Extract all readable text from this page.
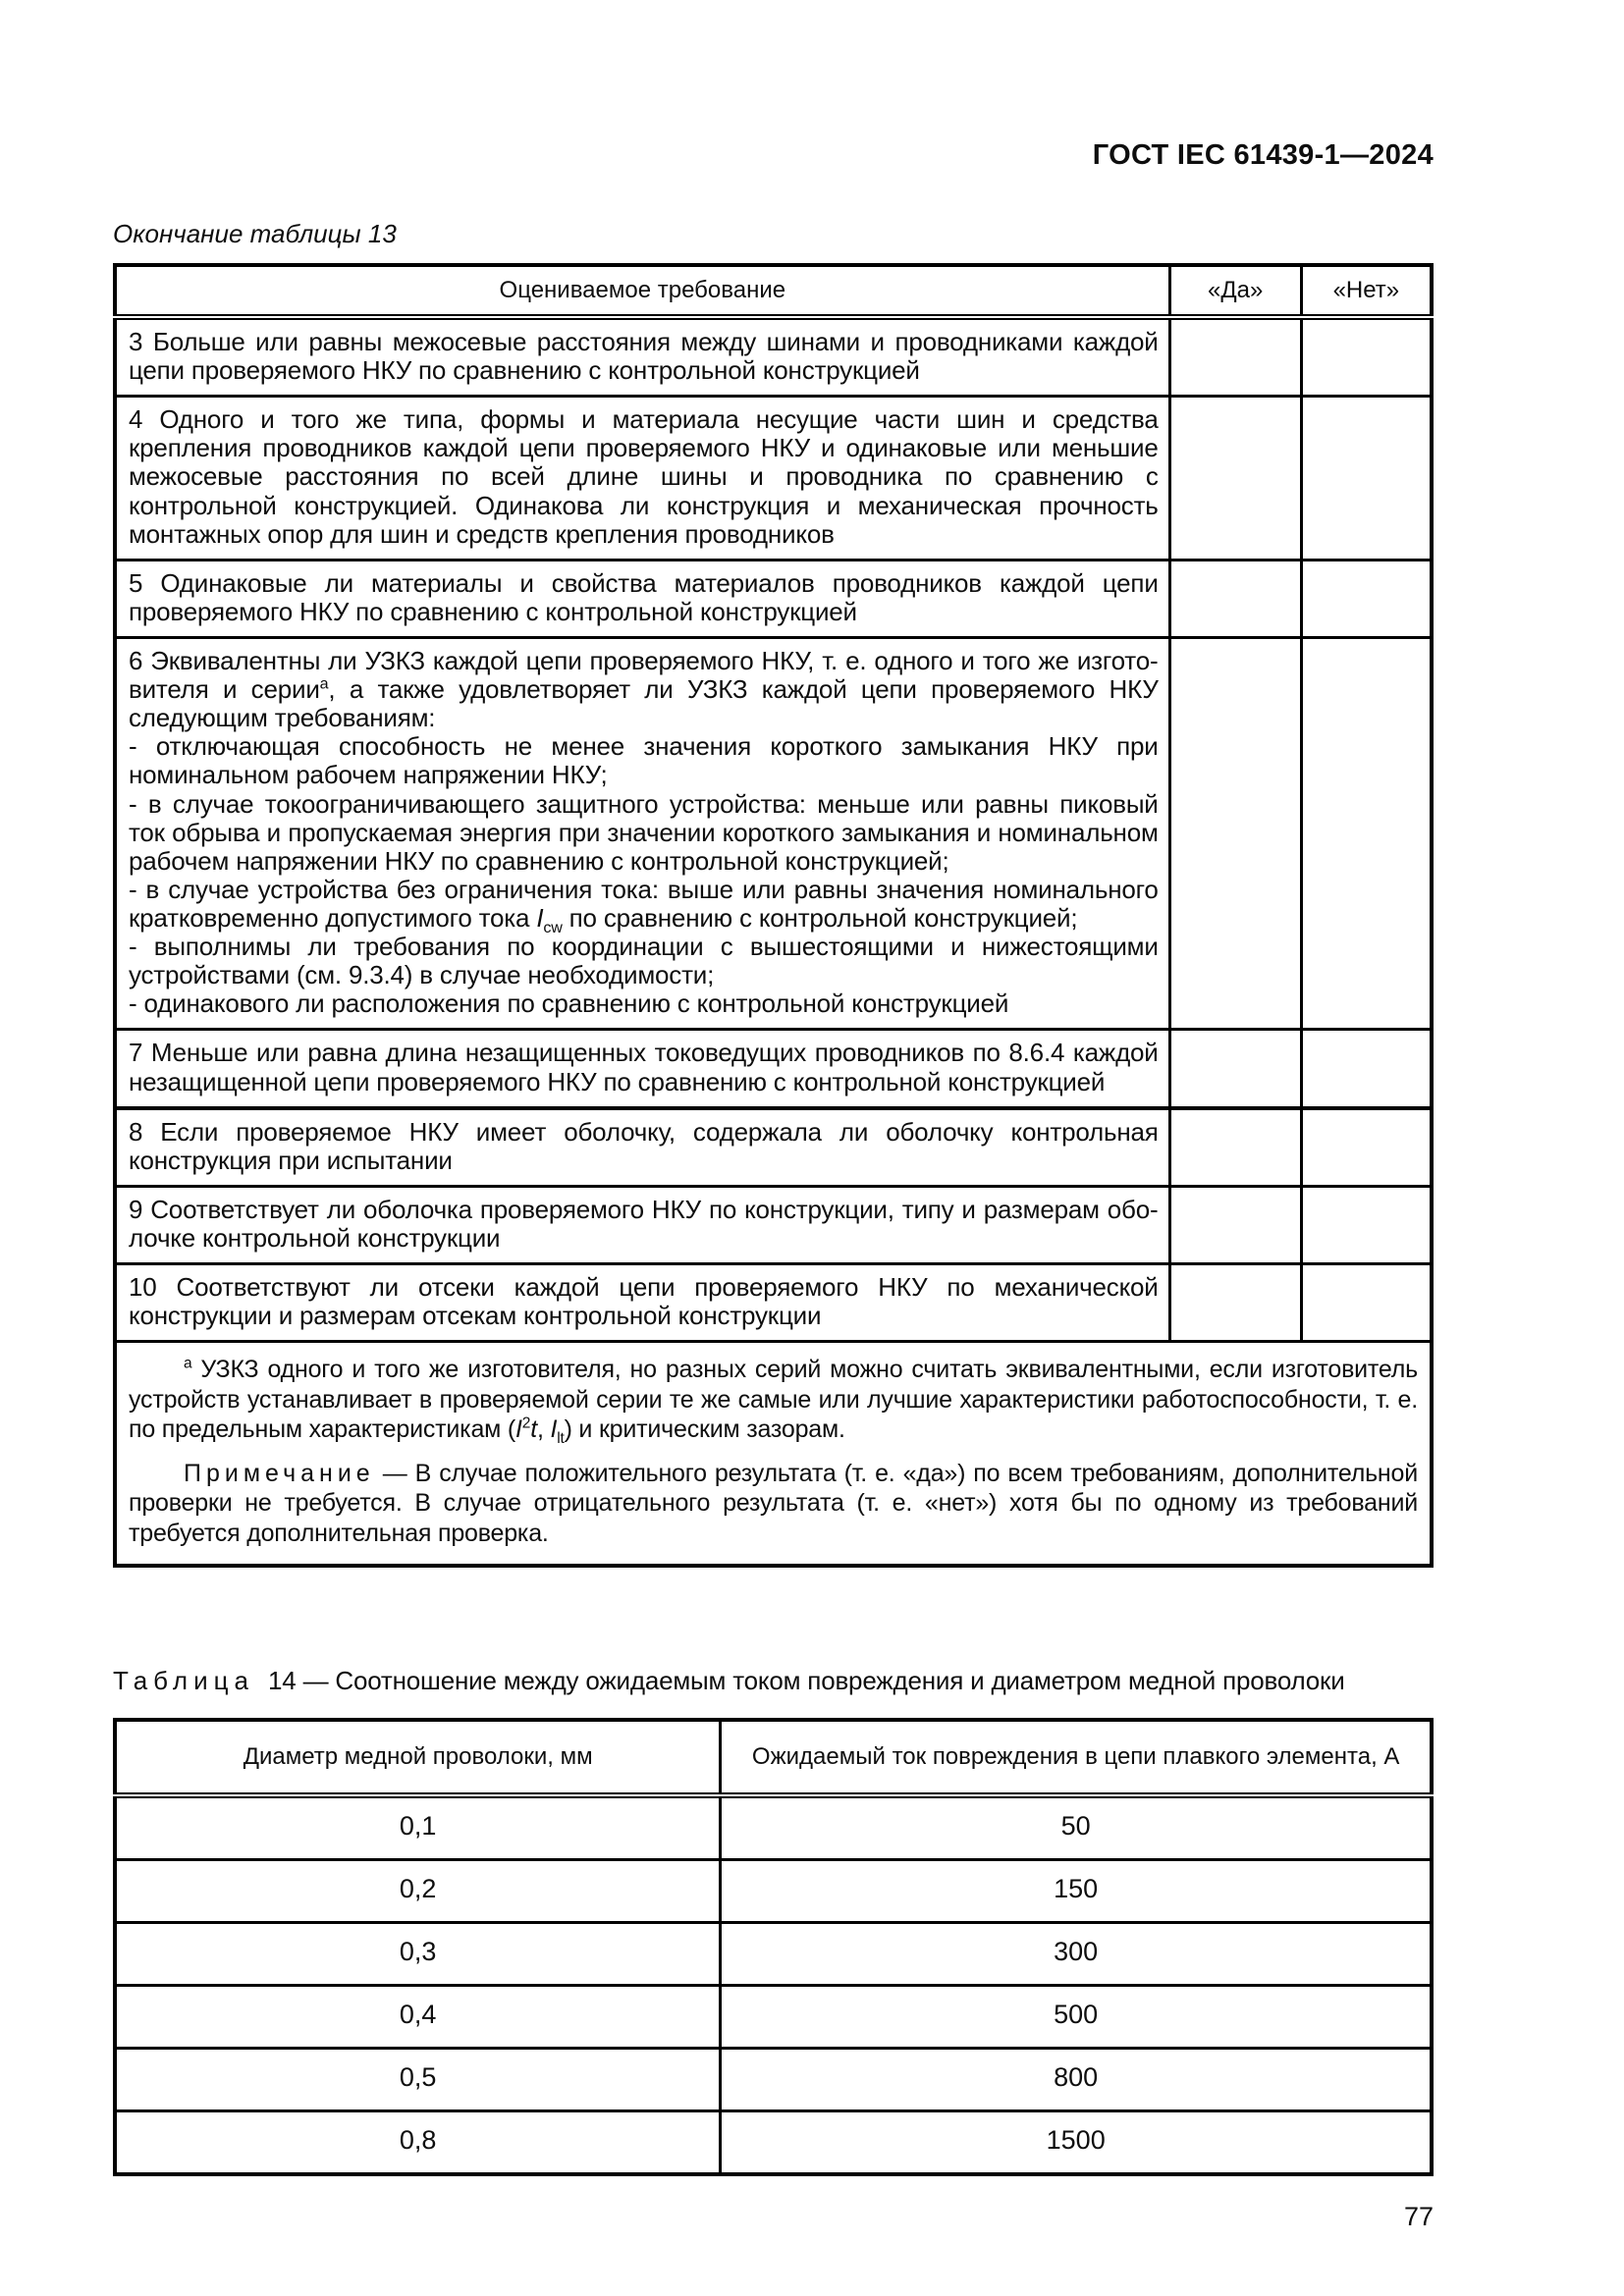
ГОСТ IEC 61439-1—2024
Окончание таблицы 13
Оцениваемое требование	«Да»	«Нет»
3 Больше или равны межосевые расстояния между шинами и проводниками каждой цепи проверяемого НКУ по сравнению с контрольной конструкцией		
4 Одного и того же типа, формы и материала несущие части шин и средства крепления проводников каждой цепи проверяемого НКУ и одинаковые или меньшие межосевые расстояния по всей длине шины и проводника по сравнению с контрольной конструкцией. Одинакова ли конструкция и механическая прочность монтажных опор для шин и средств крепления проводников		
5 Одинаковые ли материалы и свойства материалов проводников каждой цепи проверяемого НКУ по сравнению с контрольной конструкцией		

6 Эквивалентны ли УЗКЗ каждой цепи проверяемого НКУ, т. е. одного и того же изготовителя и серии$^а$, а также удовлетворяет ли УЗКЗ каждой цепи проверяемого НКУ следующим требованиям:

- отключающая способность не менее значения короткого замыкания НКУ при номинальном рабочем напряжении НКУ;

- в случае токоограничивающего защитного устройства: меньше или равны пиковый ток обрыва и пропускаемая энергия при значении короткого замыкания и номинальном рабочем напряжении НКУ по сравнению с контрольной конструкцией;

- в случае устройства без ограничения тока: выше или равны значения номинального кратковременно допустимого тока $I_{cw}$ по сравнению с контрольной конструкцией;

- выполнимы ли требования по координации с вышестоящими и нижестоящими устройствами (см. 9.3.4) в случае необходимости;

- одинакового ли расположения по сравнению с контрольной конструкцией

7 Меньше или равна длина незащищенных токоведущих проводников по 8.6.4 каждой незащищенной цепи проверяемого НКУ по сравнению с контрольной конструкцией		
8 Если проверяемое НКУ имеет оболочку, содержала ли оболочку контрольная конструкция при испытании		
9 Соответствует ли оболочка проверяемого НКУ по конструкции, типу и размерам оболочке контрольной конструкции		
10 Соответствуют ли отсеки каждой цепи проверяемого НКУ по механической конструкции и размерам отсекам контрольной конструкции		

$^а$ УЗКЗ одного и того же изготовителя, но разных серий можно считать эквивалентными, если изготовитель устройств устанавливает в проверяемой серии те же самые или лучшие характеристики работоспособности, т. е. по предельным характеристикам ($I^2t$, $I_{lt}$) и критическим зазорам.

Примечание — В случае положительного результата (т. е. «да») по всем требованиям, дополнительной проверки не требуется. В случае отрицательного результата (т. е. «нет») хотя бы по одному из требований требуется дополнительная проверка.		

Таблица 14 — Соотношение между ожидаемым током повреждения и диаметром медной проволоки
Диаметр медной проволоки, мм	Ожидаемый ток повреждения в цепи плавкого элемента, А
0,1	50
0,2	150
0,3	300
0,4	500
0,5	800
0,8	1500
77
